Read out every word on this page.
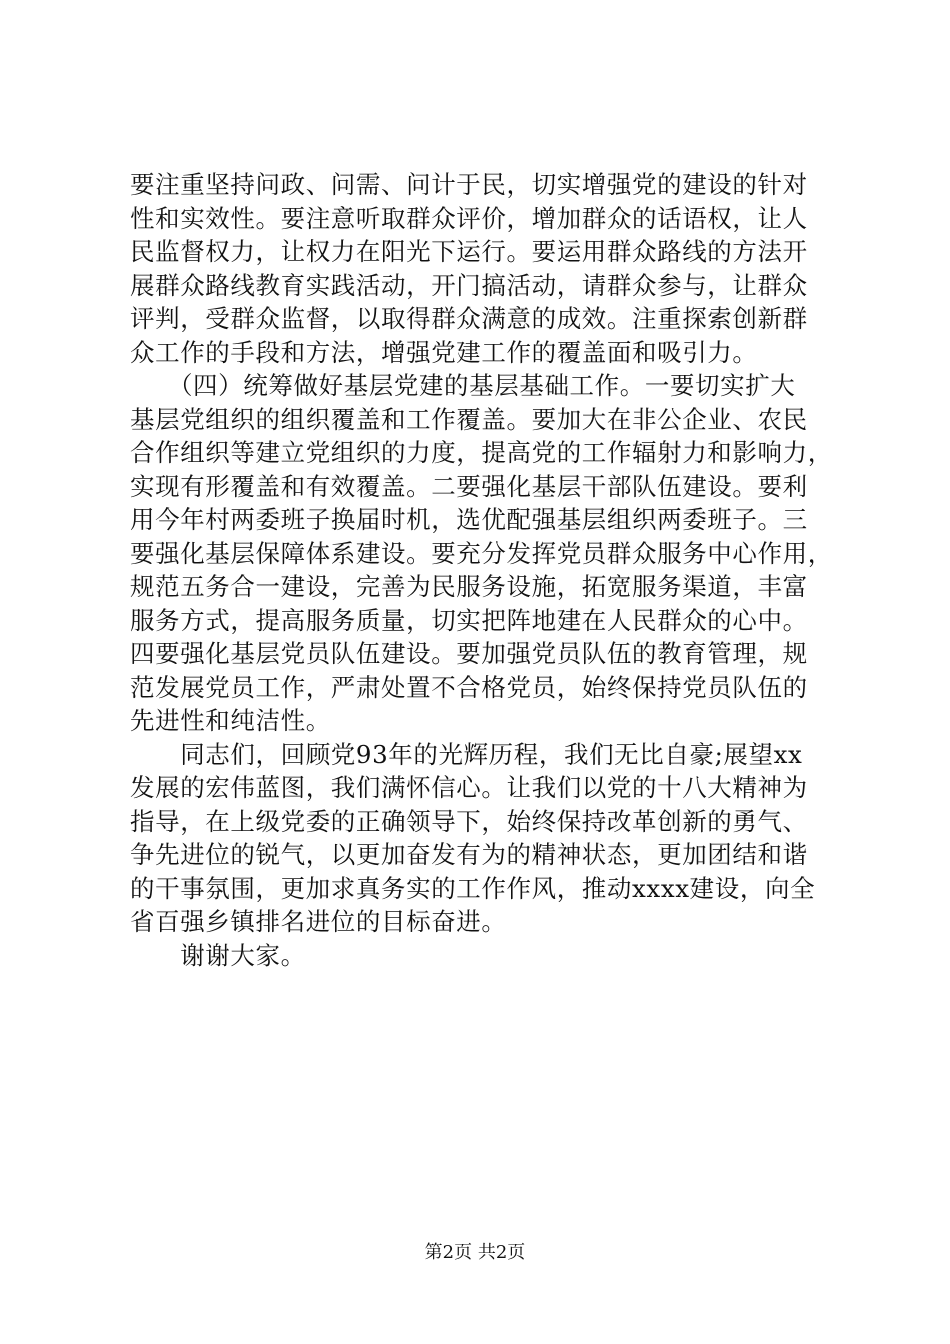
要注重坚持问政、问需、问计于民，切实增强党的建设的针对
性和实效性。要注意听取群众评价，增加群众的话语权，让人
民监督权力，让权力在阳光下运行。要运用群众路线的方法开
展群众路线教育实践活动，开门搞活动，请群众参与，让群众
评判，受群众监督，以取得群众满意的成效。注重探索创新群
众工作的手段和方法，增强党建工作的覆盖面和吸引力。
　　（四）统筹做好基层党建的基层基础工作。一要切实扩大
基层党组织的组织覆盖和工作覆盖。要加大在非公企业、农民
合作组织等建立党组织的力度，提高党的工作辐射力和影响力，
实现有形覆盖和有效覆盖。二要强化基层干部队伍建设。要利
用今年村两委班子换届时机，选优配强基层组织两委班子。三
要强化基层保障体系建设。要充分发挥党员群众服务中心作用，
规范五务合一建设，完善为民服务设施，拓宽服务渠道，丰富
服务方式，提高服务质量，切实把阵地建在人民群众的心中。
四要强化基层党员队伍建设。要加强党员队伍的教育管理，规
范发展党员工作，严肃处置不合格党员，始终保持党员队伍的
先进性和纯洁性。
　　同志们，回顾党93年的光辉历程，我们无比自豪;展望xx
发展的宏伟蓝图，我们满怀信心。让我们以党的十八大精神为
指导，在上级党委的正确领导下，始终保持改革创新的勇气、
争先进位的锐气，以更加奋发有为的精神状态，更加团结和谐
的干事氛围，更加求真务实的工作作风，推动xxxx建设，向全
省百强乡镇排名进位的目标奋进。
　　谢谢大家。
第2页 共2页
